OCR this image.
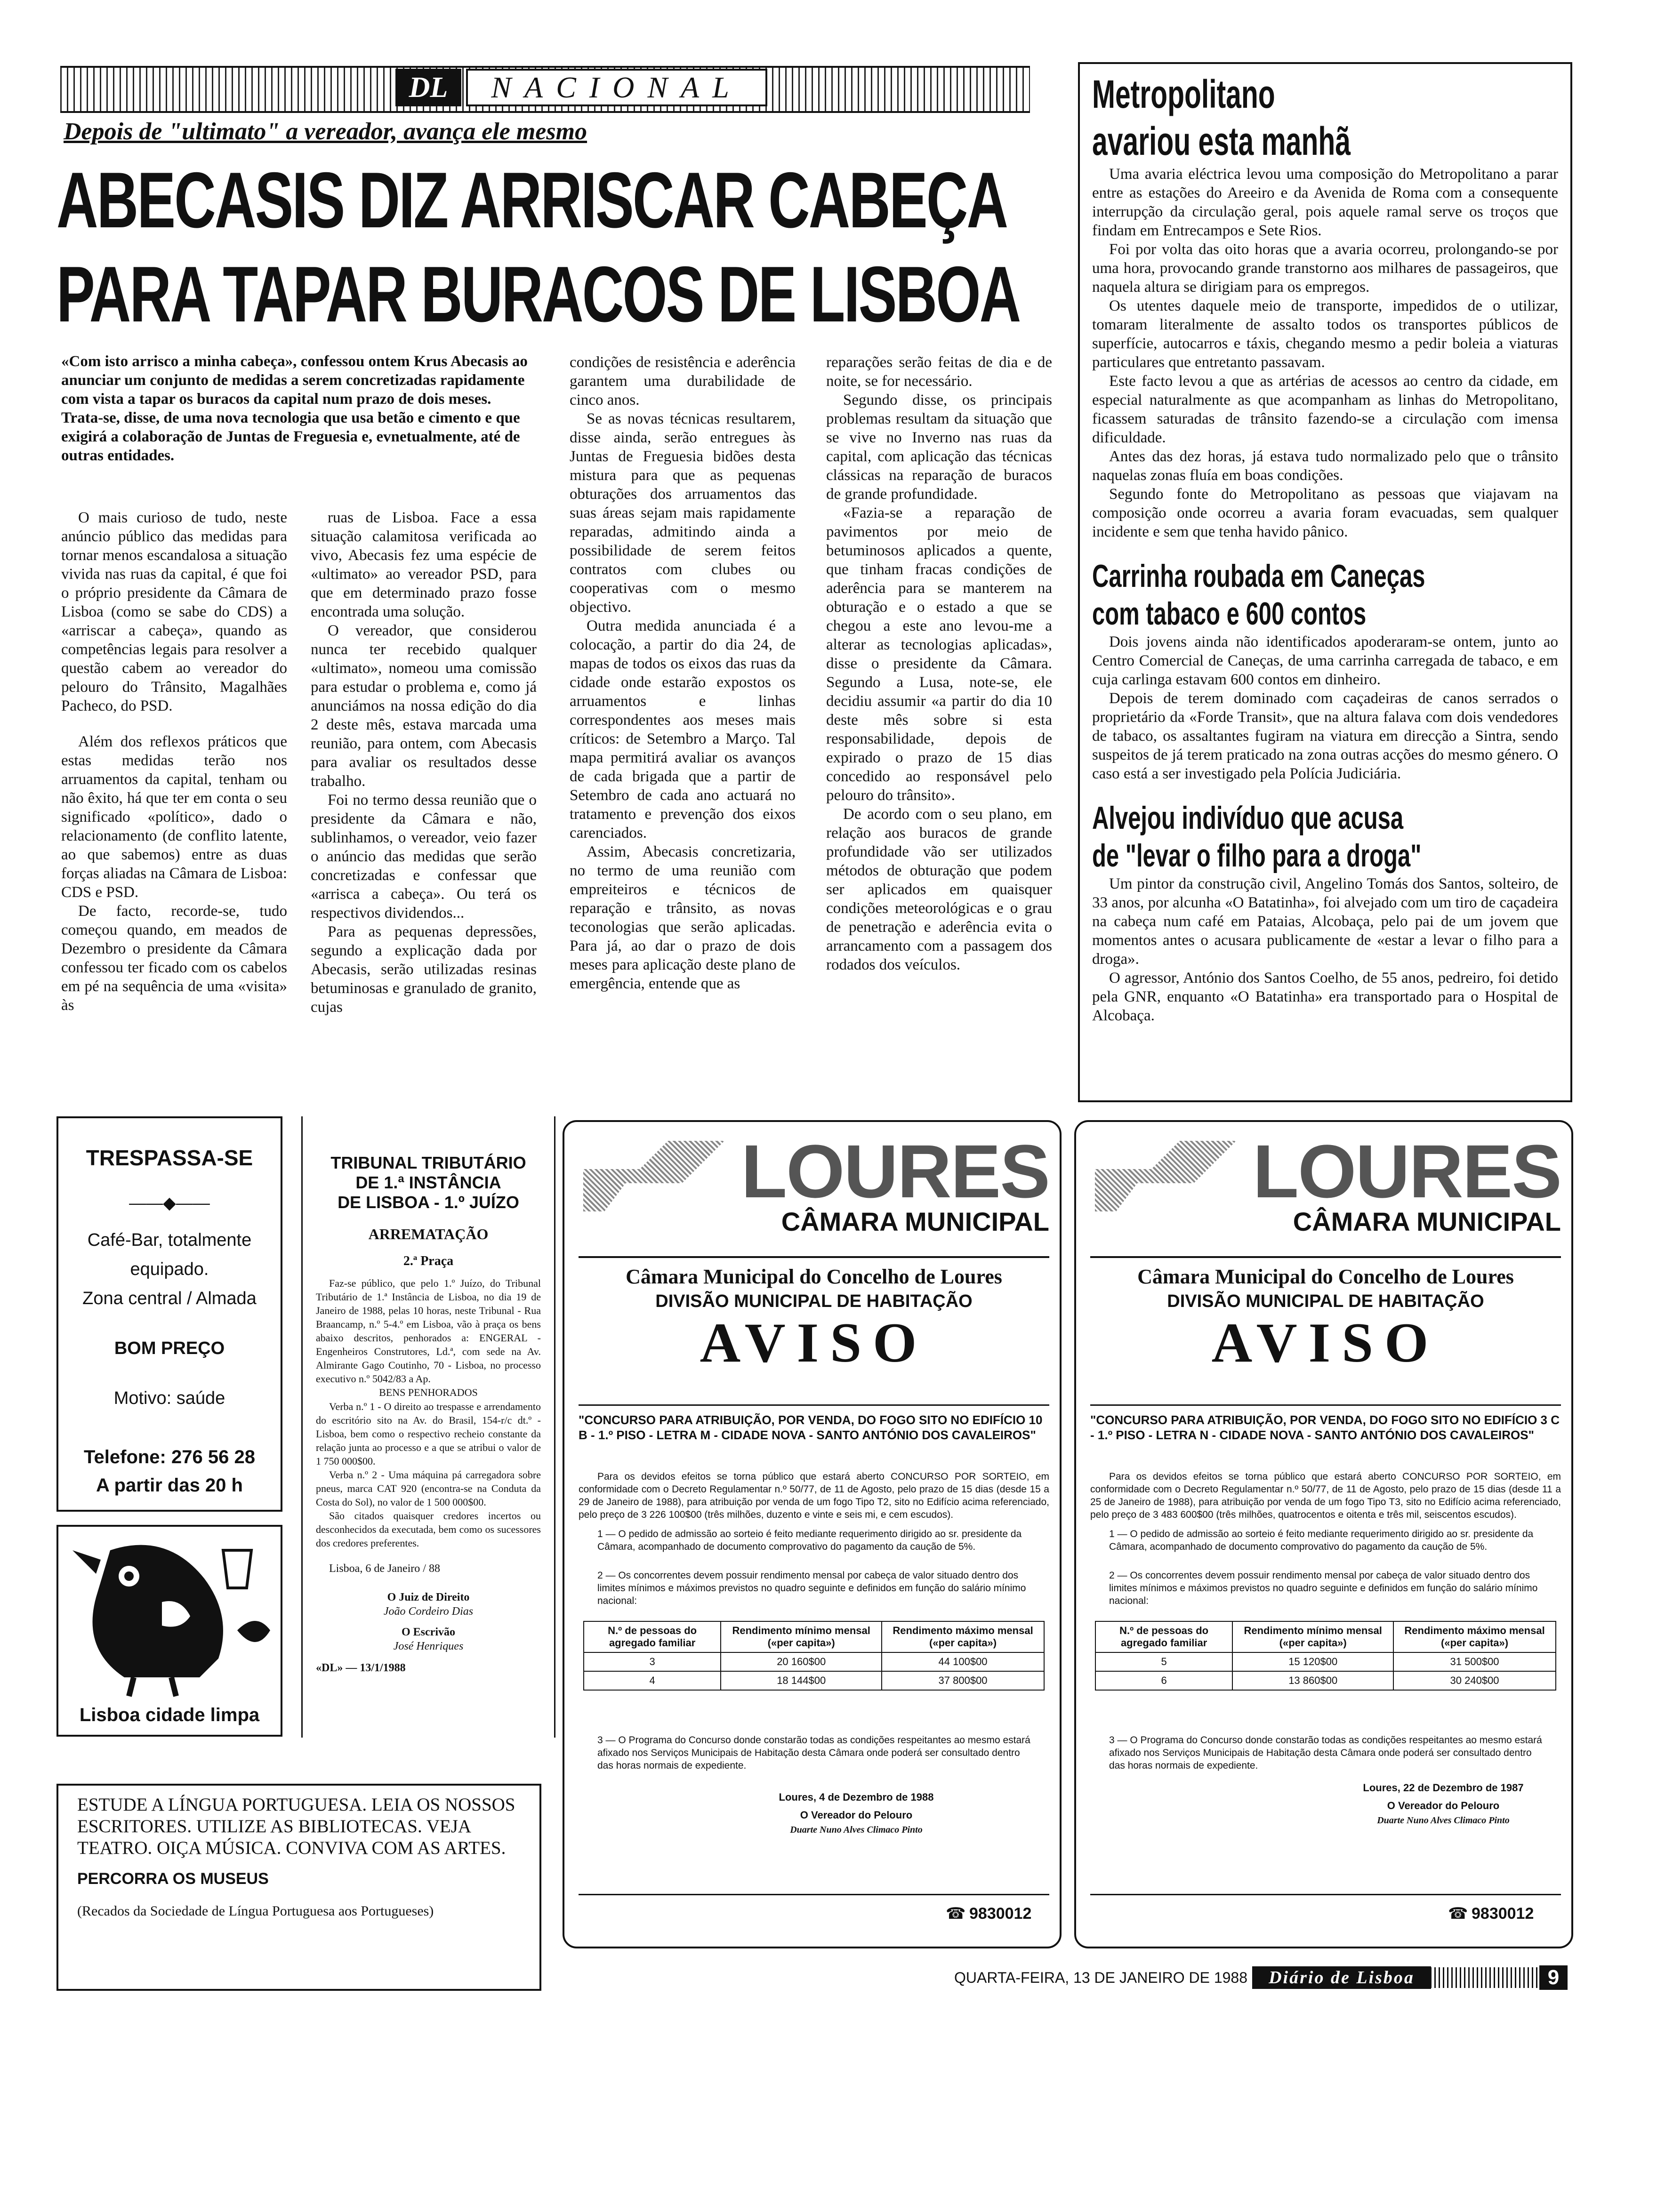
DL	NACIONAL
Depois de "ultimato" a vereador, avança ele mesmo
ABECASIS DIZ ARRISCAR CABEÇA
PARA TAPAR BURACOS DE LISBOA
«Com isto arrisco a minha cabeça», confessou ontem Krus Abecasis ao anunciar um conjunto de medidas a serem concretizadas rapidamente com vista a tapar os buracos da capital num prazo de dois meses. Trata-se, disse, de uma nova tecnologia que usa betão e cimento e que exigirá a colaboração de Juntas de Freguesia e, evnetualmente, até de outras entidades.

O mais curioso de tudo, neste anúncio público das medidas para tornar menos escandalosa a situação vivida nas ruas da capital, é que foi o próprio presidente da Câmara de Lisboa (como se sabe do CDS) a «arriscar a cabeça», quando as competências legais para resolver a questão cabem ao vereador do pelouro do Trânsito, Magalhães Pacheco, do PSD.

Além dos reflexos práticos que estas medidas terão nos arruamentos da capital, tenham ou não êxito, há que ter em conta o seu significado «político», dado o relacionamento (de conflito latente, ao que sabemos) entre as duas forças aliadas na Câmara de Lisboa: CDS e PSD.

De facto, recorde-se, tudo começou quando, em meados de Dezembro o presidente da Câmara confessou ter ficado com os cabelos em pé na sequência de uma «visita» às

ruas de Lisboa. Face a essa situação calamitosa verificada ao vivo, Abecasis fez uma espécie de «ultimato» ao vereador PSD, para que em determinado prazo fosse encontrada uma solução.

O vereador, que considerou nunca ter recebido qualquer «ultimato», nomeou uma comissão para estudar o problema e, como já anunciámos na nossa edição do dia 2 deste mês, estava marcada uma reunião, para ontem, com Abecasis para avaliar os resultados desse trabalho.

Foi no termo dessa reunião que o presidente da Câmara e não, sublinhamos, o vereador, veio fazer o anúncio das medidas que serão concretizadas e confessar que «arrisca a cabeça». Ou terá os respectivos dividendos...

Para as pequenas depressões, segundo a explicação dada por Abecasis, serão utilizadas resinas betuminosas e granulado de granito, cujas

condições de resistência e aderência garantem uma durabilidade de cinco anos.

Se as novas técnicas resultarem, disse ainda, serão entregues às Juntas de Freguesia bidões desta mistura para que as pequenas obturações dos arruamentos das suas áreas sejam mais rapidamente reparadas, admitindo ainda a possibilidade de serem feitos contratos com clubes ou cooperativas com o mesmo objectivo.

Outra medida anunciada é a colocação, a partir do dia 24, de mapas de todos os eixos das ruas da cidade onde estarão expostos os arruamentos e linhas correspondentes aos meses mais críticos: de Setembro a Março. Tal mapa permitirá avaliar os avanços de cada brigada que a partir de Setembro de cada ano actuará no tratamento e prevenção dos eixos carenciados.

Assim, Abecasis concretizaria, no termo de uma reunião com empreiteiros e técnicos de reparação e trânsito, as novas teconologias que serão aplicadas. Para já, ao dar o prazo de dois meses para aplicação deste plano de emergência, entende que as

reparações serão feitas de dia e de noite, se for necessário.

Segundo disse, os principais problemas resultam da situação que se vive no Inverno nas ruas da capital, com aplicação das técnicas clássicas na reparação de buracos de grande profundidade.

«Fazia-se a reparação de pavimentos por meio de betuminosos aplicados a quente, que tinham fracas condições de aderência para se manterem na obturação e o estado a que se chegou a este ano levou-me a alterar as tecnologias aplicadas», disse o presidente da Câmara. Segundo a Lusa, note-se, ele decidiu assumir «a partir do dia 10 deste mês sobre si esta responsabilidade, depois de expirado o prazo de 15 dias concedido ao responsável pelo pelouro do trânsito».

De acordo com o seu plano, em relação aos buracos de grande profundidade vão ser utilizados métodos de obturação que podem ser aplicados em quaisquer condições meteorológicas e o grau de penetração e aderência evita o arrancamento com a passagem dos rodados dos veículos.

Metropolitano
avariou esta manhã

Uma avaria eléctrica levou uma composição do Metropolitano a parar entre as estações do Areeiro e da Avenida de Roma com a consequente interrupção da circulação geral, pois aquele ramal serve os troços que findam em Entrecampos e Sete Rios.

Foi por volta das oito horas que a avaria ocorreu, prolongando-se por uma hora, provocando grande transtorno aos milhares de passageiros, que naquela altura se dirigiam para os empregos.

Os utentes daquele meio de transporte, impedidos de o utilizar, tomaram literalmente de assalto todos os transportes públicos de superfície, autocarros e táxis, chegando mesmo a pedir boleia a viaturas particulares que entretanto passavam.

Este facto levou a que as artérias de acessos ao centro da cidade, em especial naturalmente as que acompanham as linhas do Metropolitano, ficassem saturadas de trânsito fazendo-se a circulação com imensa dificuldade.

Antes das dez horas, já estava tudo normalizado pelo que o trânsito naquelas zonas fluía em boas condições.

Segundo fonte do Metropolitano as pessoas que viajavam na composição onde ocorreu a avaria foram evacuadas, sem qualquer incidente e sem que tenha havido pânico.

Carrinha roubada em Caneças
com tabaco e 600 contos

Dois jovens ainda não identificados apoderaram-se ontem, junto ao Centro Comercial de Caneças, de uma carrinha carregada de tabaco, e em cuja carlinga estavam 600 contos em dinheiro.

Depois de terem dominado com caçadeiras de canos serrados o proprietário da «Forde Transit», que na altura falava com dois vendedores de tabaco, os assaltantes fugiram na viatura em direcção a Sintra, sendo suspeitos de já terem praticado na zona outras acções do mesmo género. O caso está a ser investigado pela Polícia Judiciária.

Alvejou indivíduo que acusa
de "levar o filho para a droga"

Um pintor da construção civil, Angelino Tomás dos Santos, solteiro, de 33 anos, por alcunha «O Batatinha», foi alvejado com um tiro de caçadeira na cabeça num café em Pataias, Alcobaça, pelo pai de um jovem que momentos antes o acusara publicamente de «estar a levar o filho para a droga».

O agressor, António dos Santos Coelho, de 55 anos, pedreiro, foi detido pela GNR, enquanto «O Batatinha» era transportado para o Hospital de Alcobaça.

TRESPASSA-SE
——◆——
Café-Bar, totalmente equipado.
Zona central / Almada
BOM PREÇO
Motivo: saúde
Telefone: 276 56 28
A partir das 20 h
Lisboa cidade limpa
TRIBUNAL TRIBUTÁRIO
DE 1.ª INSTÂNCIA
DE LISBOA - 1.º JUÍZO
ARREMATAÇÃO
2.ª Praça
Faz-se público, que pelo 1.º Juízo, do Tribunal Tributário de 1.ª Instância de Lisboa, no dia 19 de Janeiro de 1988, pelas 10 horas, neste Tribunal - Rua Braancamp, n.º 5-4.º em Lisboa, vão à praça os bens abaixo descritos, penhorados a: ENGERAL - Engenheiros Construtores, Ld.ª, com sede na Av. Almirante Gago Coutinho, 70 - Lisboa, no processo executivo n.º 5042/83 a Ap.
BENS PENHORADOS
Verba n.º 1 - O direito ao trespasse e arrendamento do escritório sito na Av. do Brasil, 154-r/c dt.º - Lisboa, bem como o respectivo recheio constante da relação junta ao processo e a que se atribui o valor de 1 750 000$00.
Verba n.º 2 - Uma máquina pá carregadora sobre pneus, marca CAT 920 (encontra-se na Conduta da Costa do Sol), no valor de 1 500 000$00.
São citados quaisquer credores incertos ou desconhecidos da executada, bem como os sucessores dos credores preferentes.
Lisboa, 6 de Janeiro / 88
O Juiz de Direito
João Cordeiro Dias
O Escrivão
José Henriques
«DL» — 13/1/1988
ESTUDE A LÍNGUA PORTUGUESA. LEIA OS NOSSOS ESCRITORES. UTILIZE AS BIBLIOTECAS. VEJA TEATRO. OIÇA MÚSICA. CONVIVA COM AS ARTES.
PERCORRA OS MUSEUS
(Recados da Sociedade de Língua Portuguesa aos Portugueses)
LOURES
CÂMARA MUNICIPAL
Câmara Municipal do Concelho de Loures
DIVISÃO MUNICIPAL DE HABITAÇÃO
AVISO
"CONCURSO PARA ATRIBUIÇÃO, POR VENDA, DO FOGO SITO NO EDIFÍCIO 10 B - 1.º PISO - LETRA M - CIDADE NOVA - SANTO ANTÓNIO DOS CAVALEIROS"
Para os devidos efeitos se torna público que estará aberto CONCURSO POR SORTEIO, em conformidade com o Decreto Regulamentar n.º 50/77, de 11 de Agosto, pelo prazo de 15 dias (desde 15 a 29 de Janeiro de 1988), para atribuição por venda de um fogo Tipo T2, sito no Edifício acima referenciado, pelo preço de 3 226 100$00 (três milhões, duzento e vinte e seis mi, e cem escudos).
1 — O pedido de admissão ao sorteio é feito mediante requerimento dirigido ao sr. presidente da Câmara, acompanhado de documento comprovativo do pagamento da caução de 5%.
2 — Os concorrentes devem possuir rendimento mensal por cabeça de valor situado dentro dos limites mínimos e máximos previstos no quadro seguinte e definidos em função do salário mínimo nacional:
N.º de pessoas do agregado familiar	Rendimento mínimo mensal («per capita»)	Rendimento máximo mensal («per capita»)
3	20 160$00	44 100$00
4	18 144$00	37 800$00
3 — O Programa do Concurso donde constarão todas as condições respeitantes ao mesmo estará afixado nos Serviços Municipais de Habitação desta Câmara onde poderá ser consultado dentro das horas normais de expediente.
Loures, 4 de Dezembro de 1988
O Vereador do Pelouro
Duarte Nuno Alves Climaco Pinto
☎ 9830012
LOURES
CÂMARA MUNICIPAL
Câmara Municipal do Concelho de Loures
DIVISÃO MUNICIPAL DE HABITAÇÃO
AVISO
"CONCURSO PARA ATRIBUIÇÃO, POR VENDA, DO FOGO SITO NO EDIFÍCIO 3 C - 1.º PISO - LETRA N - CIDADE NOVA - SANTO ANTÓNIO DOS CAVALEIROS"
Para os devidos efeitos se torna público que estará aberto CONCURSO POR SORTEIO, em conformidade com o Decreto Regulamentar n.º 50/77, de 11 de Agosto, pelo prazo de 15 dias (desde 11 a 25 de Janeiro de 1988), para atribuição por venda de um fogo Tipo T3, sito no Edifício acima referenciado, pelo preço de 3 483 600$00 (três milhões, quatrocentos e oitenta e três mil, seiscentos escudos).
1 — O pedido de admissão ao sorteio é feito mediante requerimento dirigido ao sr. presidente da Câmara, acompanhado de documento comprovativo do pagamento da caução de 5%.
2 — Os concorrentes devem possuir rendimento mensal por cabeça de valor situado dentro dos limites mínimos e máximos previstos no quadro seguinte e definidos em função do salário mínimo nacional:
N.º de pessoas do agregado familiar	Rendimento mínimo mensal («per capita»)	Rendimento máximo mensal («per capita»)
5	15 120$00	31 500$00
6	13 860$00	30 240$00
3 — O Programa do Concurso donde constarão todas as condições respeitantes ao mesmo estará afixado nos Serviços Municipais de Habitação desta Câmara onde poderá ser consultado dentro das horas normais de expediente.
Loures, 22 de Dezembro de 1987
O Vereador do Pelouro
Duarte Nuno Alves Climaco Pinto
☎ 9830012
QUARTA-FEIRA, 13 DE JANEIRO DE 1988	Diário de Lisboa	9
